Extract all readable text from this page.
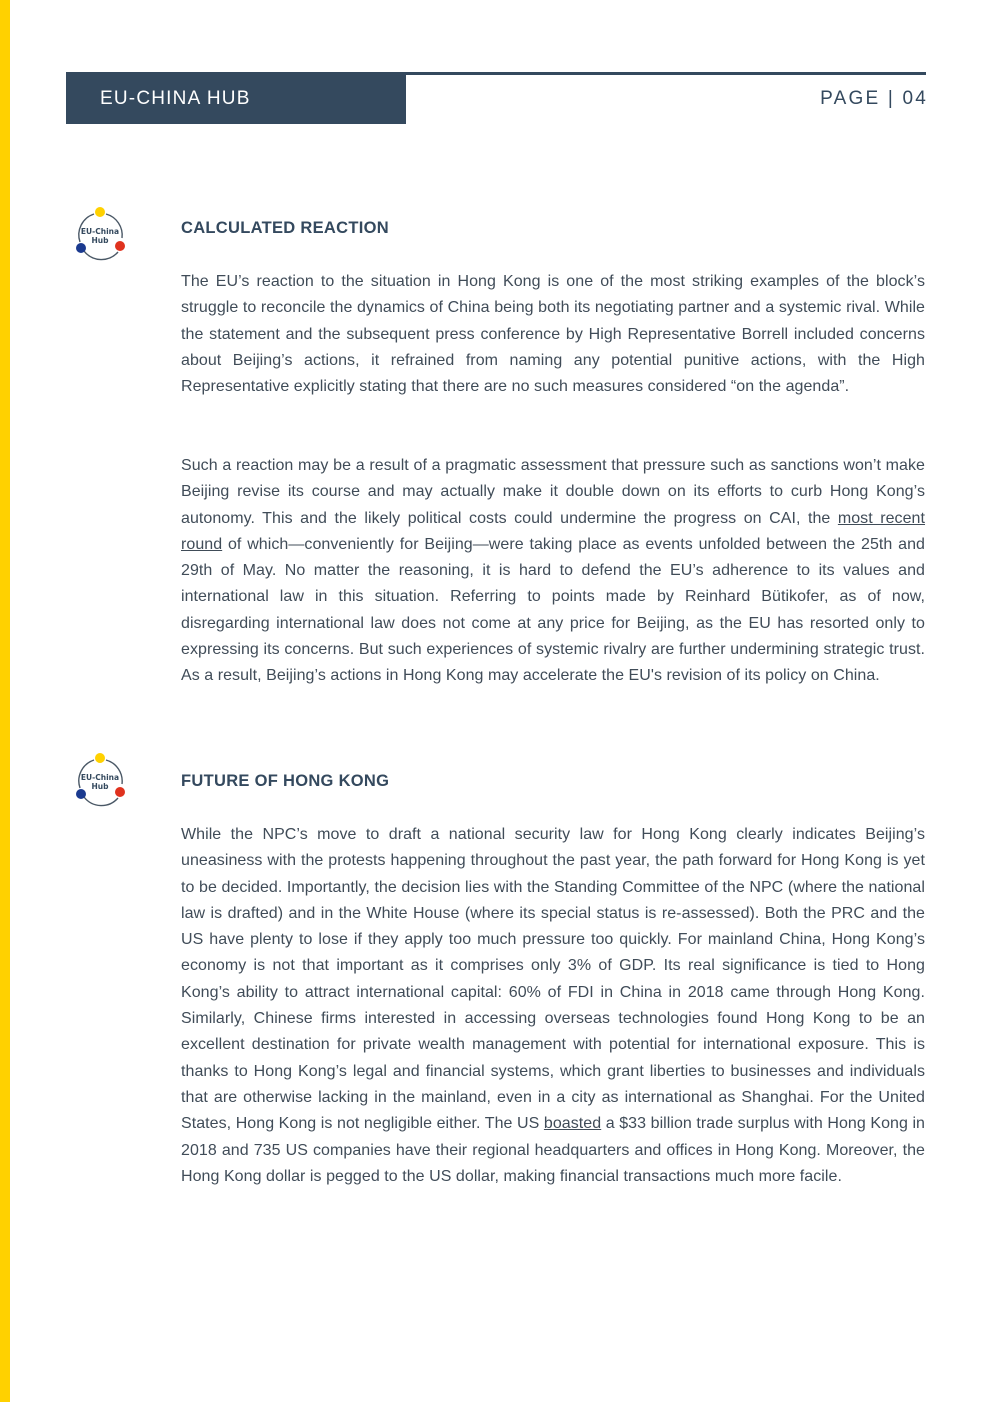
EU-CHINA HUB	PAGE | 04
EU-China
Hub
CALCULATED REACTION

The EU’s reaction to the situation in Hong Kong is one of the most striking examples of the block’s struggle to reconcile the dynamics of China being both its negotiating partner and a systemic rival. While the statement and the subsequent press conference by High Representative Borrell included concerns about Beijing’s actions, it refrained from naming any potential punitive actions, with the High Representative explicitly stating that there are no such measures considered “on the agenda”.

Such a reaction may be a result of a pragmatic assessment that pressure such as sanctions won’t make Beijing revise its course and may actually make it double down on its efforts to curb Hong Kong’s autonomy. This and the likely political costs could undermine the progress on CAI, the most recent round of which—conveniently for Beijing—were taking place as events unfolded between the 25th and 29th of May. No matter the reasoning, it is hard to defend the EU’s adherence to its values and international law in this situation. Referring to points made by Reinhard Bütikofer, as of now, disregarding international law does not come at any price for Beijing, as the EU has resorted only to expressing its concerns. But such experiences of systemic rivalry are further undermining strategic trust. As a result, Beijing’s actions in Hong Kong may accelerate the EU's revision of its policy on China.

EU-China
Hub	FUTURE OF HONG KONG

While the NPC’s move to draft a national security law for Hong Kong clearly indicates Beijing’s uneasiness with the protests happening throughout the past year, the path forward for Hong Kong is yet to be decided. Importantly, the decision lies with the Standing Committee of the NPC (where the national law is drafted) and in the White House (where its special status is re-assessed). Both the PRC and the US have plenty to lose if they apply too much pressure too quickly. For mainland China, Hong Kong’s economy is not that important as it comprises only 3% of GDP. Its real significance is tied to Hong Kong’s ability to attract international capital: 60% of FDI in China in 2018 came through Hong Kong. Similarly, Chinese firms interested in accessing overseas technologies found Hong Kong to be an excellent destination for private wealth management with potential for international exposure. This is thanks to Hong Kong’s legal and financial systems, which grant liberties to businesses and individuals that are otherwise lacking in the mainland, even in a city as international as Shanghai. For the United States, Hong Kong is not negligible either. The US boasted a $33 billion trade surplus with Hong Kong in 2018 and 735 US companies have their regional headquarters and offices in Hong Kong. Moreover, the Hong Kong dollar is pegged to the US dollar, making financial transactions much more facile.
